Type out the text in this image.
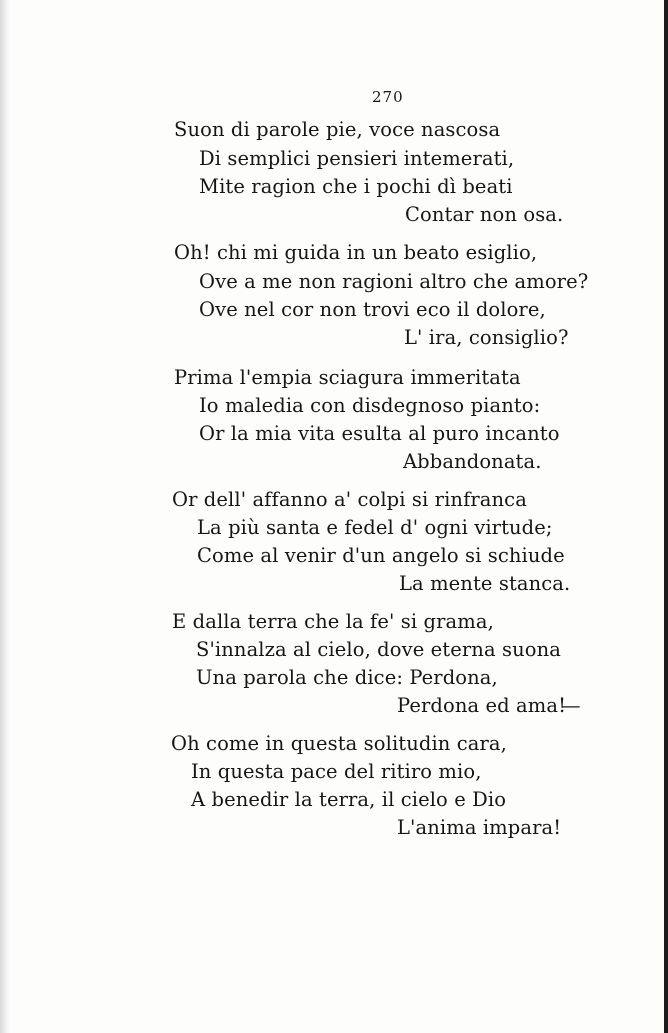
270
Suon di parole pie, voce nascosa
Di semplici pensieri intemerati,
Mite ragion che i pochi dì beati
Contar non osa.
Oh! chi mi guida in un beato esiglio,
Ove a me non ragioni altro che amore?
Ove nel cor non trovi eco il dolore,
L' ira, consiglio?
Prima l'empia sciagura immeritata
Io maledia con disdegnoso pianto:
Or la mia vita esulta al puro incanto
Abbandonata.
Or dell' affanno a' colpi si rinfranca
La più santa e fedel d' ogni virtude;
Come al venir d'un angelo si schiude
La mente stanca.
E dalla terra che la fe' si grama,
S'innalza al cielo, dove eterna suona
Una parola che dice: Perdona,
Perdona ed ama!
—
Oh come in questa solitudin cara,
In questa pace del ritiro mio,
A benedir la terra, il cielo e Dio
L'anima impara!
